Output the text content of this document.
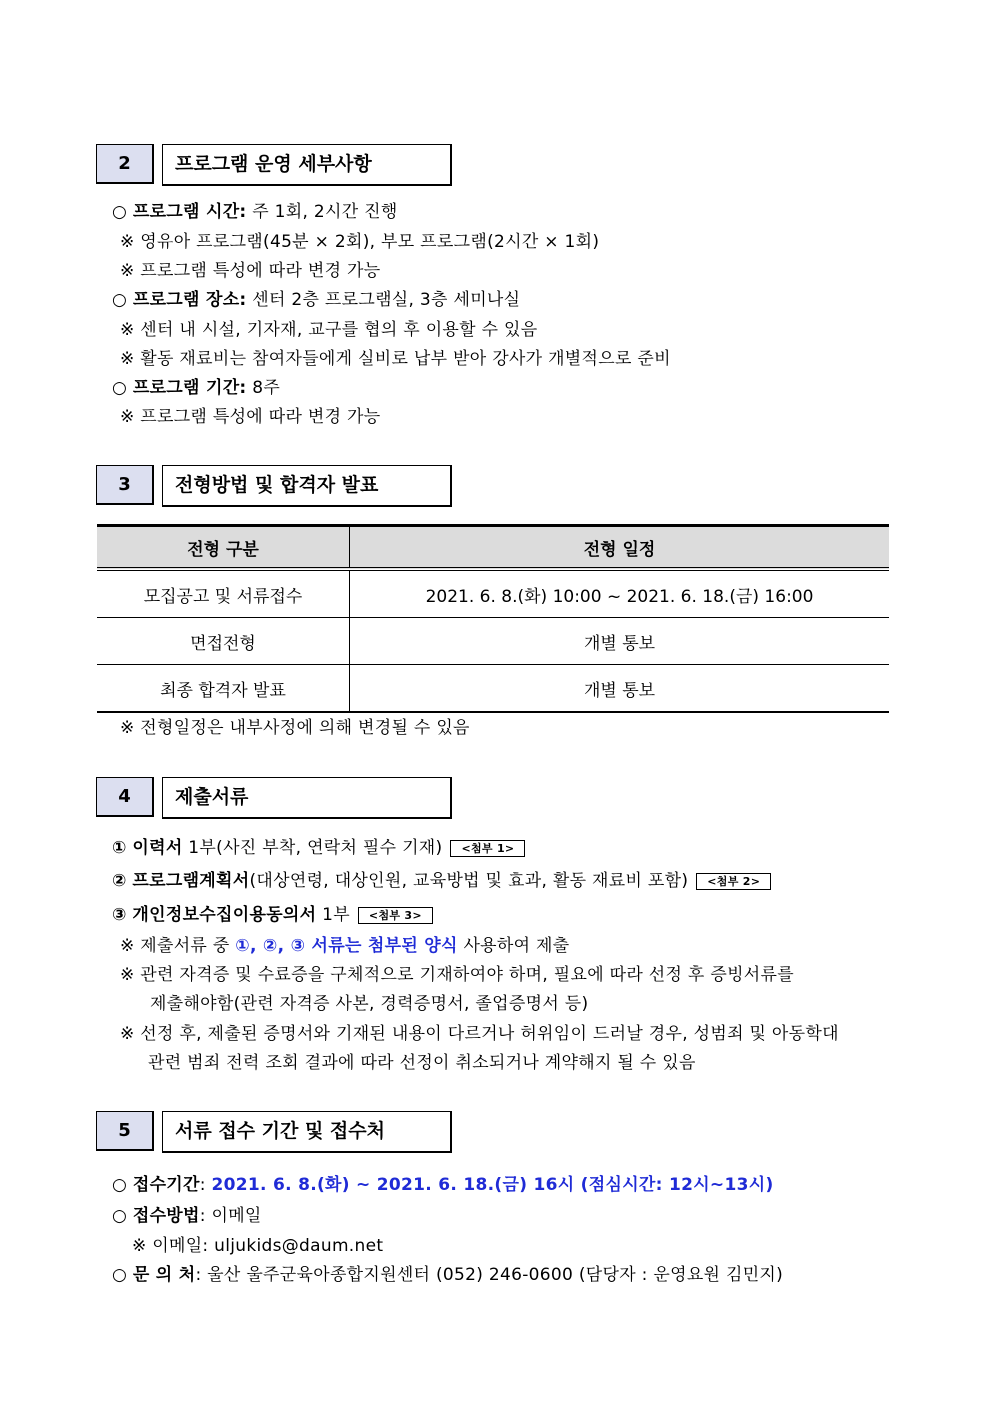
2	프로그램 운영 세부사항
○ 프로그램 시간: 주 1회, 2시간 진행
※ 영유아 프로그램(45분 × 2회), 부모 프로그램(2시간 × 1회)
※ 프로그램 특성에 따라 변경 가능
○ 프로그램 장소: 센터 2층 프로그램실, 3층 세미나실
※ 센터 내 시설, 기자재, 교구를 협의 후 이용할 수 있음
※ 활동 재료비는 참여자들에게 실비로 납부 받아 강사가 개별적으로 준비
○ 프로그램 기간: 8주
※ 프로그램 특성에 따라 변경 가능
3	전형방법 및 합격자 발표
전형 구분	전형 일정
모집공고 및 서류접수	2021. 6. 8.(화) 10:00 ~ 2021. 6. 18.(금) 16:00
면접전형	개별 통보
최종 합격자 발표	개별 통보
※ 전형일정은 내부사정에 의해 변경될 수 있음
4	제출서류
① 이력서 1부(사진 부착, 연락처 필수 기재) <첨부 1>
② 프로그램계획서(대상연령, 대상인원, 교육방법 및 효과, 활동 재료비 포함) <첨부 2>
③ 개인정보수집이용동의서 1부 <첨부 3>
※ 제출서류 중 ①, ②, ③ 서류는 첨부된 양식 사용하여 제출
※ 관련 자격증 및 수료증을 구체적으로 기재하여야 하며, 필요에 따라 선정 후 증빙서류를
제출해야함(관련 자격증 사본, 경력증명서, 졸업증명서 등)
※ 선정 후, 제출된 증명서와 기재된 내용이 다르거나 허위임이 드러날 경우, 성범죄 및 아동학대
관련 범죄 전력 조회 결과에 따라 선정이 취소되거나 계약해지 될 수 있음
5	서류 접수 기간 및 접수처
○ 접수기간: 2021. 6. 8.(화) ~ 2021. 6. 18.(금) 16시 (점심시간: 12시~13시)
○ 접수방법: 이메일
※ 이메일: uljukids@daum.net
○ 문 의 처: 울산 울주군육아종합지원센터 (052) 246-0600 (담당자 : 운영요원 김민지)
